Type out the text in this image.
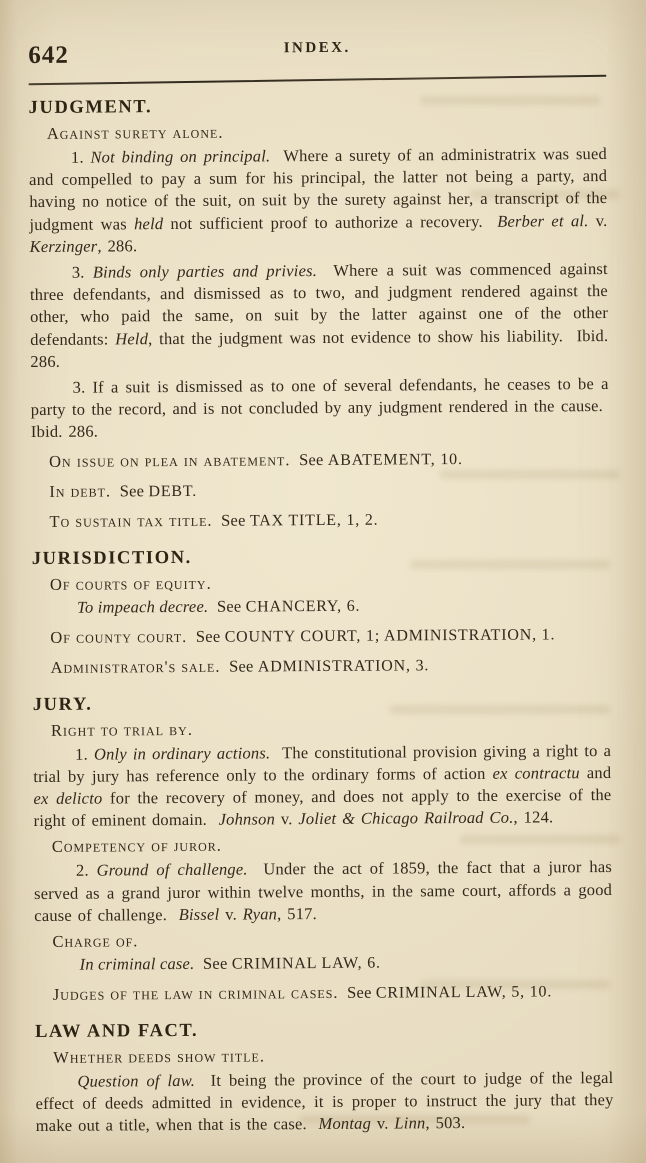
642	INDEX.
JUDGMENT.
Against surety alone.

1. Not binding on principal.  Where a surety of an administratrix was sued and compelled to pay a sum for his principal, the latter not being a party, and having no notice of the suit, on suit by the surety against her, a transcript of the judgment was held not sufficient proof to authorize a recovery.  Berber et al. v. Kerzinger, 286.

3. Binds only parties and privies.  Where a suit was commenced against three defendants, and dismissed as to two, and judgment rendered against the other, who paid the same, on suit by the latter against one of the other defendants: Held, that the judgment was not evidence to show his liability.  Ibid. 286.

3. If a suit is dismissed as to one of several defendants, he ceases to be a party to the record, and is not concluded by any judgment rendered in the cause.  Ibid. 286.

On issue on plea in abatement.  See ABATEMENT, 10.
In debt.  See DEBT.
To sustain tax title.  See TAX TITLE, 1, 2.
JURISDICTION.
Of courts of equity.
To impeach decree.  See CHANCERY, 6.
Of county court.  See COUNTY COURT, 1; ADMINISTRATION, 1.
Administrator's sale.  See ADMINISTRATION, 3.
JURY.
Right to trial by.

1. Only in ordinary actions.  The constitutional provision giving a right to a trial by jury has reference only to the ordinary forms of action ex contractu and ex delicto for the recovery of money, and does not apply to the exercise of the right of eminent domain.  Johnson v. Joliet & Chicago Railroad Co., 124.

Competency of juror.

2. Ground of challenge.  Under the act of 1859, the fact that a juror has served as a grand juror within twelve months, in the same court, affords a good cause of challenge.  Bissel v. Ryan, 517.

Charge of.
In criminal case.  See CRIMINAL LAW, 6.
Judges of the law in criminal cases.  See CRIMINAL LAW, 5, 10.
LAW AND FACT.
Whether deeds show title.

Question of law.  It being the province of the court to judge of the legal effect of deeds admitted in evidence, it is proper to instruct the jury that they make out a title, when that is the case.  Montag v. Linn, 503.
